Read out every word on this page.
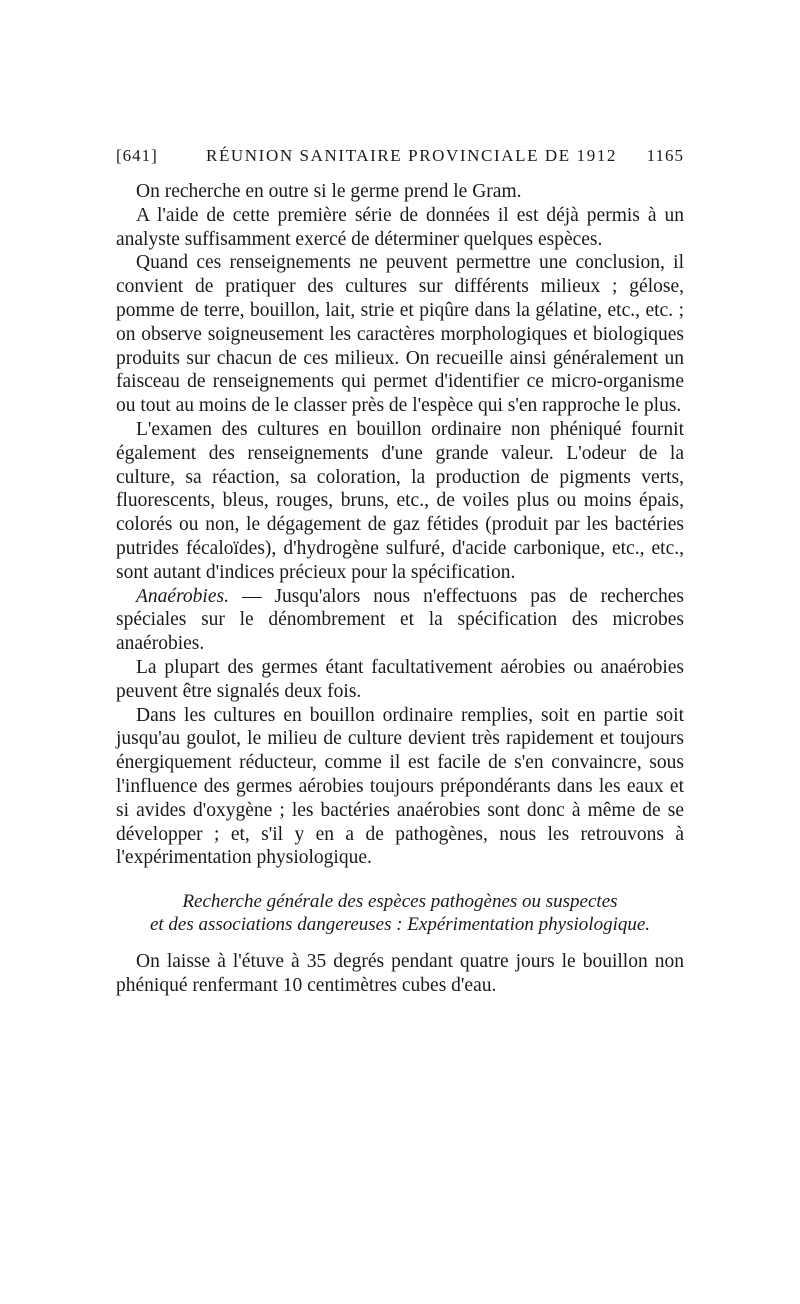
[641]	RÉUNION SANITAIRE PROVINCIALE DE 1912 1165

On recherche en outre si le germe prend le Gram.

A l'aide de cette première série de données il est déjà permis à un analyste suffisamment exercé de déterminer quelques espèces.

Quand ces renseignements ne peuvent permettre une conclusion, il convient de pratiquer des cultures sur différents milieux ; gélose, pomme de terre, bouillon, lait, strie et piqûre dans la gélatine, etc., etc. ; on observe soigneusement les caractères morphologiques et biologiques produits sur chacun de ces milieux. On recueille ainsi généralement un faisceau de renseignements qui permet d'identifier ce micro-organisme ou tout au moins de le classer près de l'espèce qui s'en rapproche le plus.

L'examen des cultures en bouillon ordinaire non phéniqué fournit également des renseignements d'une grande valeur. L'odeur de la culture, sa réaction, sa coloration, la production de pigments verts, fluorescents, bleus, rouges, bruns, etc., de voiles plus ou moins épais, colorés ou non, le dégagement de gaz fétides (produit par les bactéries putrides fécaloïdes), d'hydrogène sulfuré, d'acide carbonique, etc., etc., sont autant d'indices précieux pour la spécification.

Anaérobies. — Jusqu'alors nous n'effectuons pas de recherches spéciales sur le dénombrement et la spécification des microbes anaérobies.

La plupart des germes étant facultativement aérobies ou anaérobies peuvent être signalés deux fois.

Dans les cultures en bouillon ordinaire remplies, soit en partie soit jusqu'au goulot, le milieu de culture devient très rapidement et toujours énergiquement réducteur, comme il est facile de s'en convaincre, sous l'influence des germes aérobies toujours prépondérants dans les eaux et si avides d'oxygène ; les bactéries anaérobies sont donc à même de se développer ; et, s'il y en a de pathogènes, nous les retrouvons à l'expérimentation physiologique.

Recherche générale des espèces pathogènes ou suspectes
et des associations dangereuses : Expérimentation physiologique.

On laisse à l'étuve à 35 degrés pendant quatre jours le bouillon non phéniqué renfermant 10 centimètres cubes d'eau.
